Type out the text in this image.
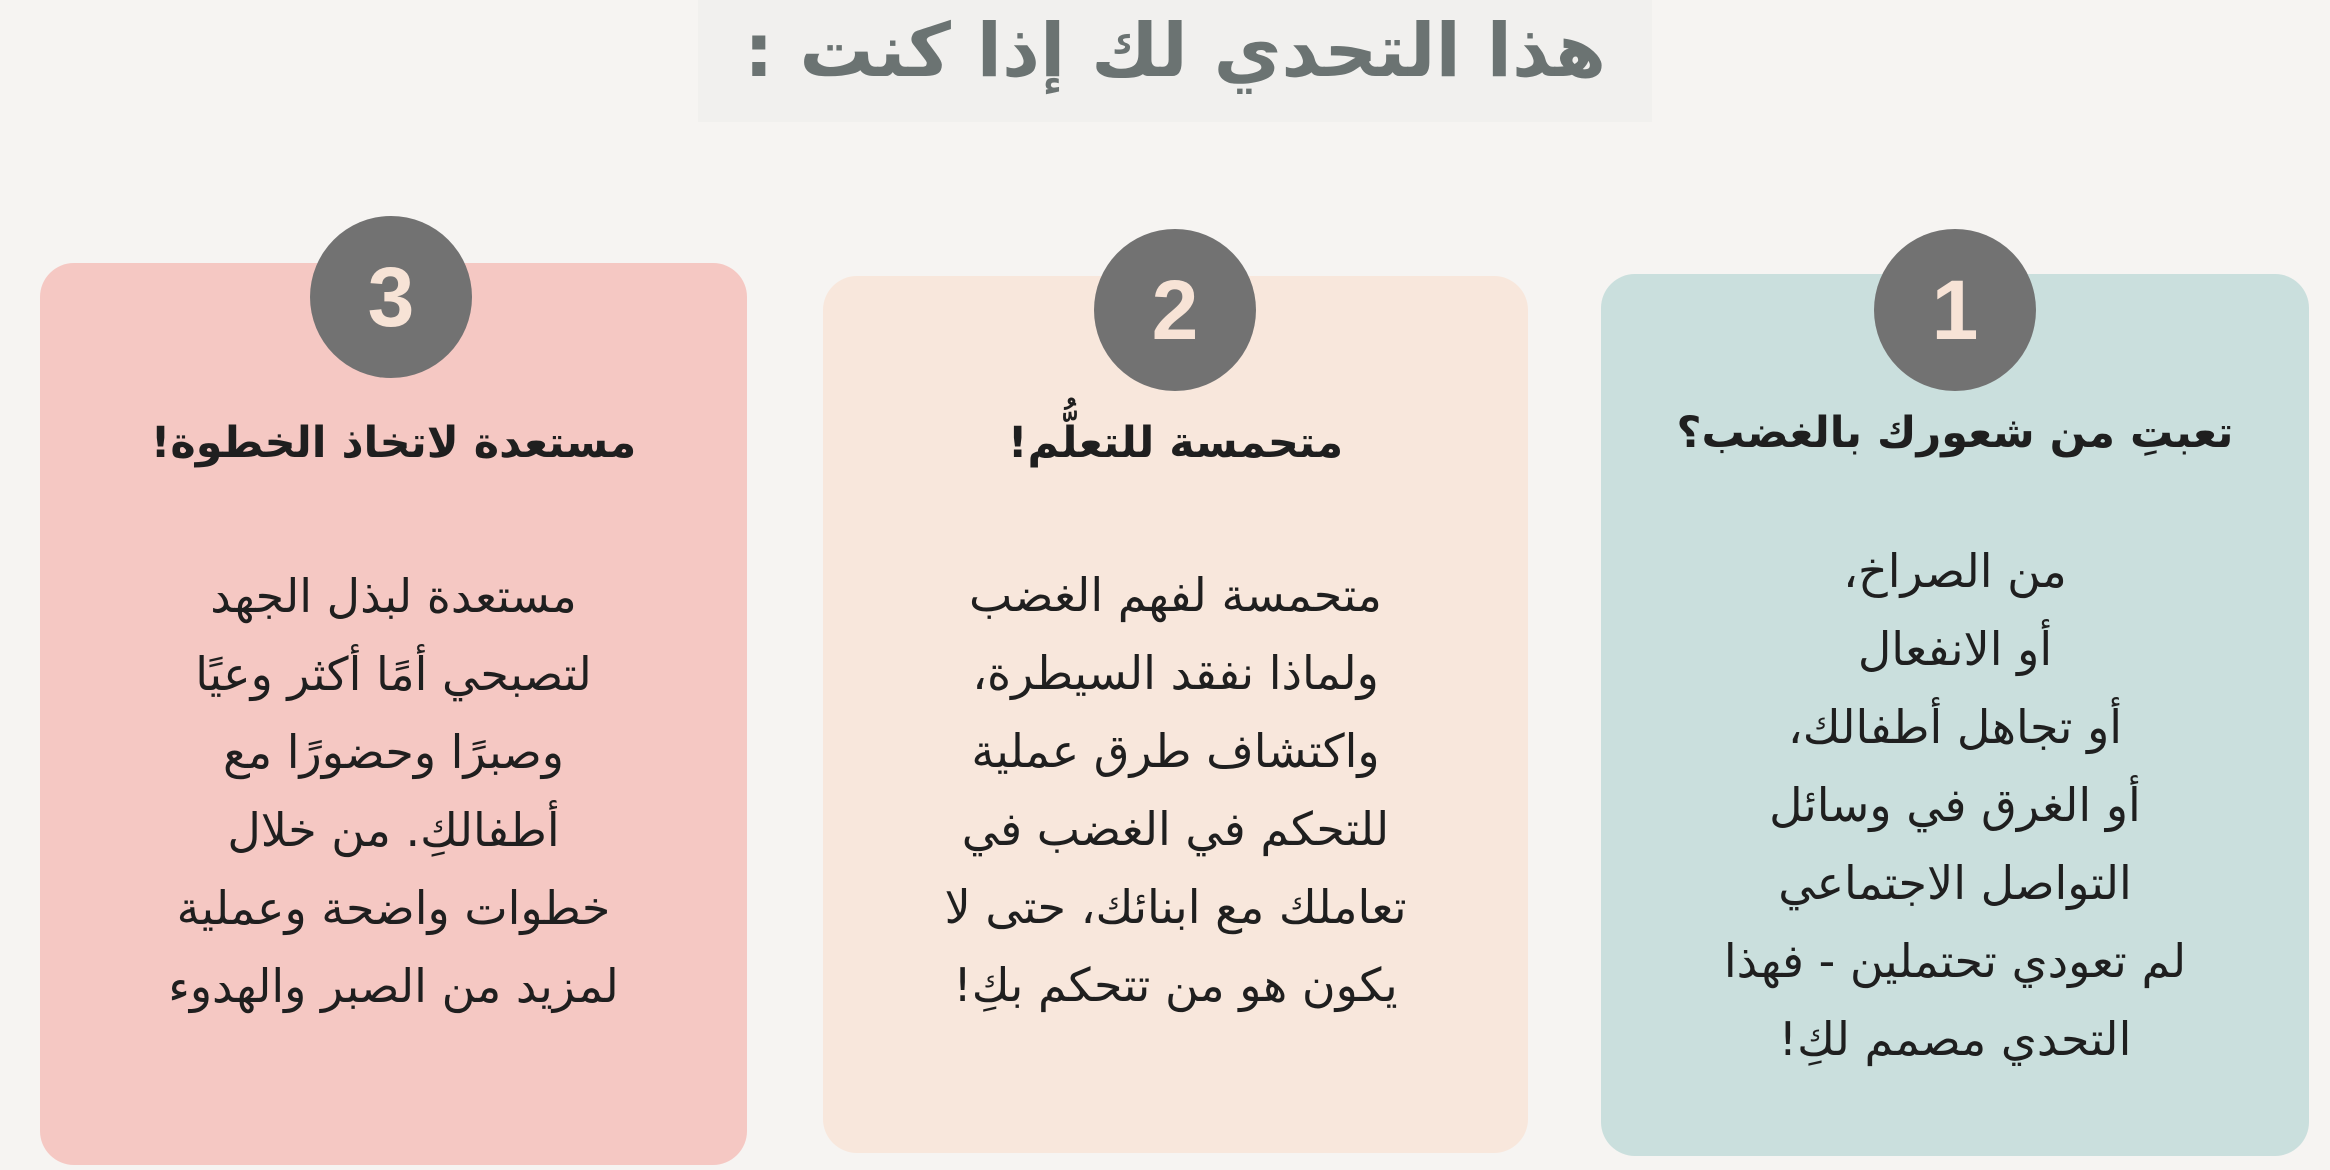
هذا التحدي لك إذا كنت :
تعبتِ من شعورك بالغضب؟
من الصراخ،
أو الانفعال
أو تجاهل أطفالك،
أو الغرق في وسائل
التواصل الاجتماعي
لم تعودي تحتملين - فهذا
التحدي مصمم لكِ!
1
متحمسة للتعلُّم!
متحمسة لفهم الغضب
ولماذا نفقد السيطرة،
واكتشاف طرق عملية
للتحكم في الغضب في
تعاملك مع ابنائك، حتى لا
يكون هو من تتحكم بكِ!
2
مستعدة لاتخاذ الخطوة!
مستعدة لبذل الجهد
لتصبحي أمًا أكثر وعيًا
وصبرًا وحضورًا مع
أطفالكِ. من خلال
خطوات واضحة وعملية
لمزيد من الصبر والهدوء
3
